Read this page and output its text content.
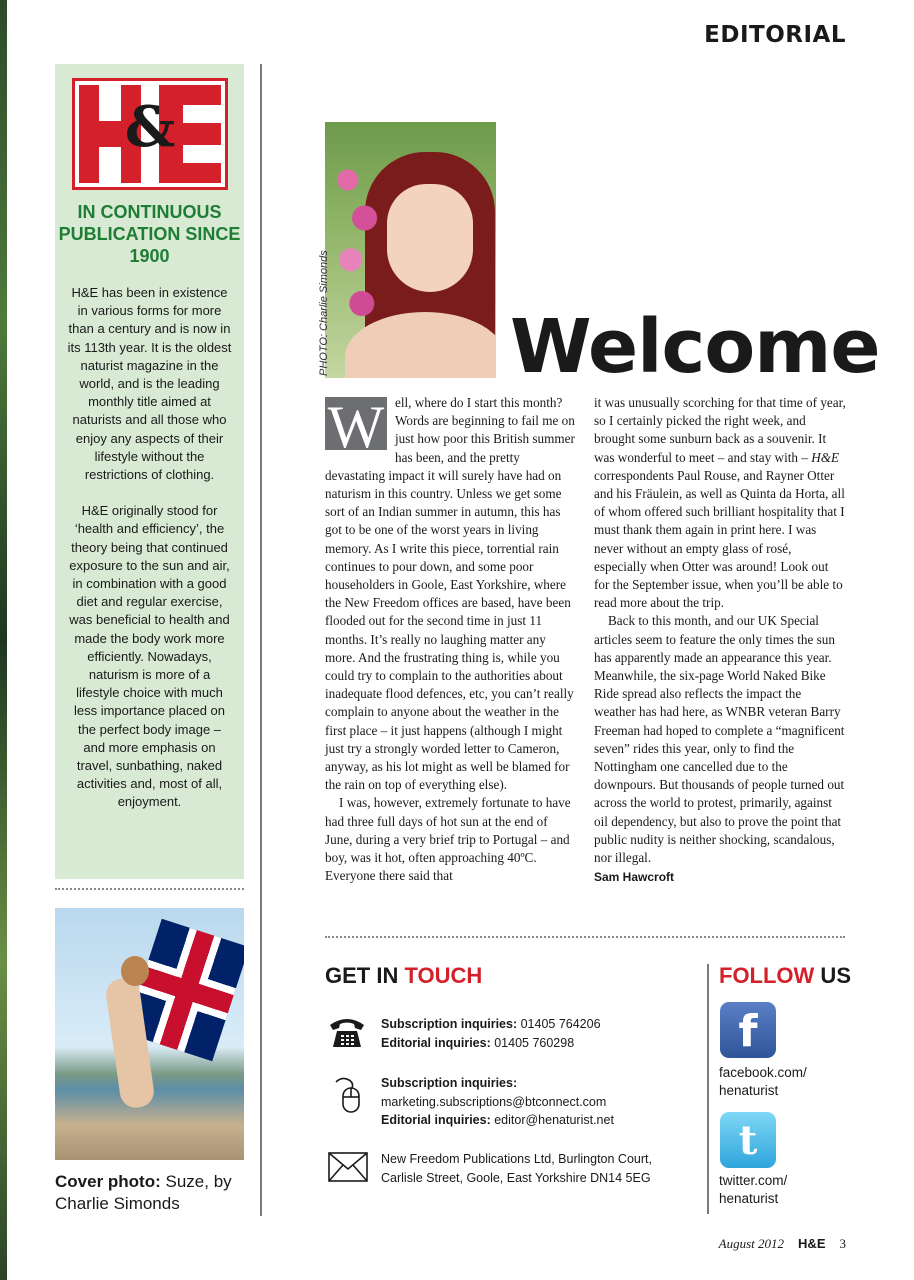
EDITORIAL
&
IN CONTINUOUS PUBLICATION SINCE 1900

H&E has been in existence in various forms for more than a century and is now in its 113th year. It is the oldest naturist magazine in the world, and is the leading monthly title aimed at naturists and all those who enjoy any aspects of their lifestyle without the restrictions of clothing.

H&E originally stood for ‘health and efficiency’, the theory being that continued exposure to the sun and air, in combination with a good diet and regular exercise, was beneficial to health and made the body work more efficiently. Nowadays, naturism is more of a lifestyle choice with much less importance placed on the perfect body image – and more emphasis on travel, sunbathing, naked activities and, most of all, enjoyment.

Cover photo: Suze, by Charlie Simonds
PHOTO: Charlie Simonds Welcome

W ell, where do I start this month? Words are beginning to fail me on just how poor this British summer has been, and the pretty devastating impact it will surely have had on naturism in this country. Unless we get some sort of an Indian summer in autumn, this has got to be one of the worst years in living memory. As I write this piece, torrential rain continues to pour down, and some poor householders in Goole, East Yorkshire, where the New Freedom offices are based, have been flooded out for the second time in just 11 months. It’s really no laughing matter any more. And the frustrating thing is, while you could try to complain to the authorities about inadequate flood defences, etc, you can’t really complain to anyone about the weather in the first place – it just happens (although I might just try a strongly worded letter to Cameron, anyway, as his lot might as well be blamed for the rain on top of everything else).

I was, however, extremely fortunate to have had three full days of hot sun at the end of June, during a very brief trip to Portugal – and boy, was it hot, often approaching 40ºC. Everyone there said that

it was unusually scorching for that time of year, so I certainly picked the right week, and brought some sunburn back as a souvenir. It was wonderful to meet – and stay with – H&E correspondents Paul Rouse, and Rayner Otter and his Fräulein, as well as Quinta da Horta, all of whom offered such brilliant hospitality that I must thank them again in print here. I was never without an empty glass of rosé, especially when Otter was around! Look out for the September issue, when you’ll be able to read more about the trip.

Back to this month, and our UK Special articles seem to feature the only times the sun has apparently made an appearance this year. Meanwhile, the six-page World Naked Bike Ride spread also reflects the impact the weather has had here, as WNBR veteran Barry Freeman had hoped to complete a “magnificent seven” rides this year, only to find the Nottingham one cancelled due to the downpours. But thousands of people turned out across the world to protest, primarily, against oil dependency, but also to prove the point that public nudity is neither shocking, scandalous, nor illegal.

Sam Hawcroft

GET IN TOUCH
Subscription inquiries: 01405 764206
Editorial inquiries: 01405 760298
Subscription inquiries:
marketing.subscriptions@btconnect.com
Editorial inquiries: editor@henaturist.net
New Freedom Publications Ltd, Burlington Court,
Carlisle Street, Goole, East Yorkshire DN14 5EG
FOLLOW US
f
facebook.com/
henaturist
t
twitter.com/
henaturist
August 2012 H&E 3
